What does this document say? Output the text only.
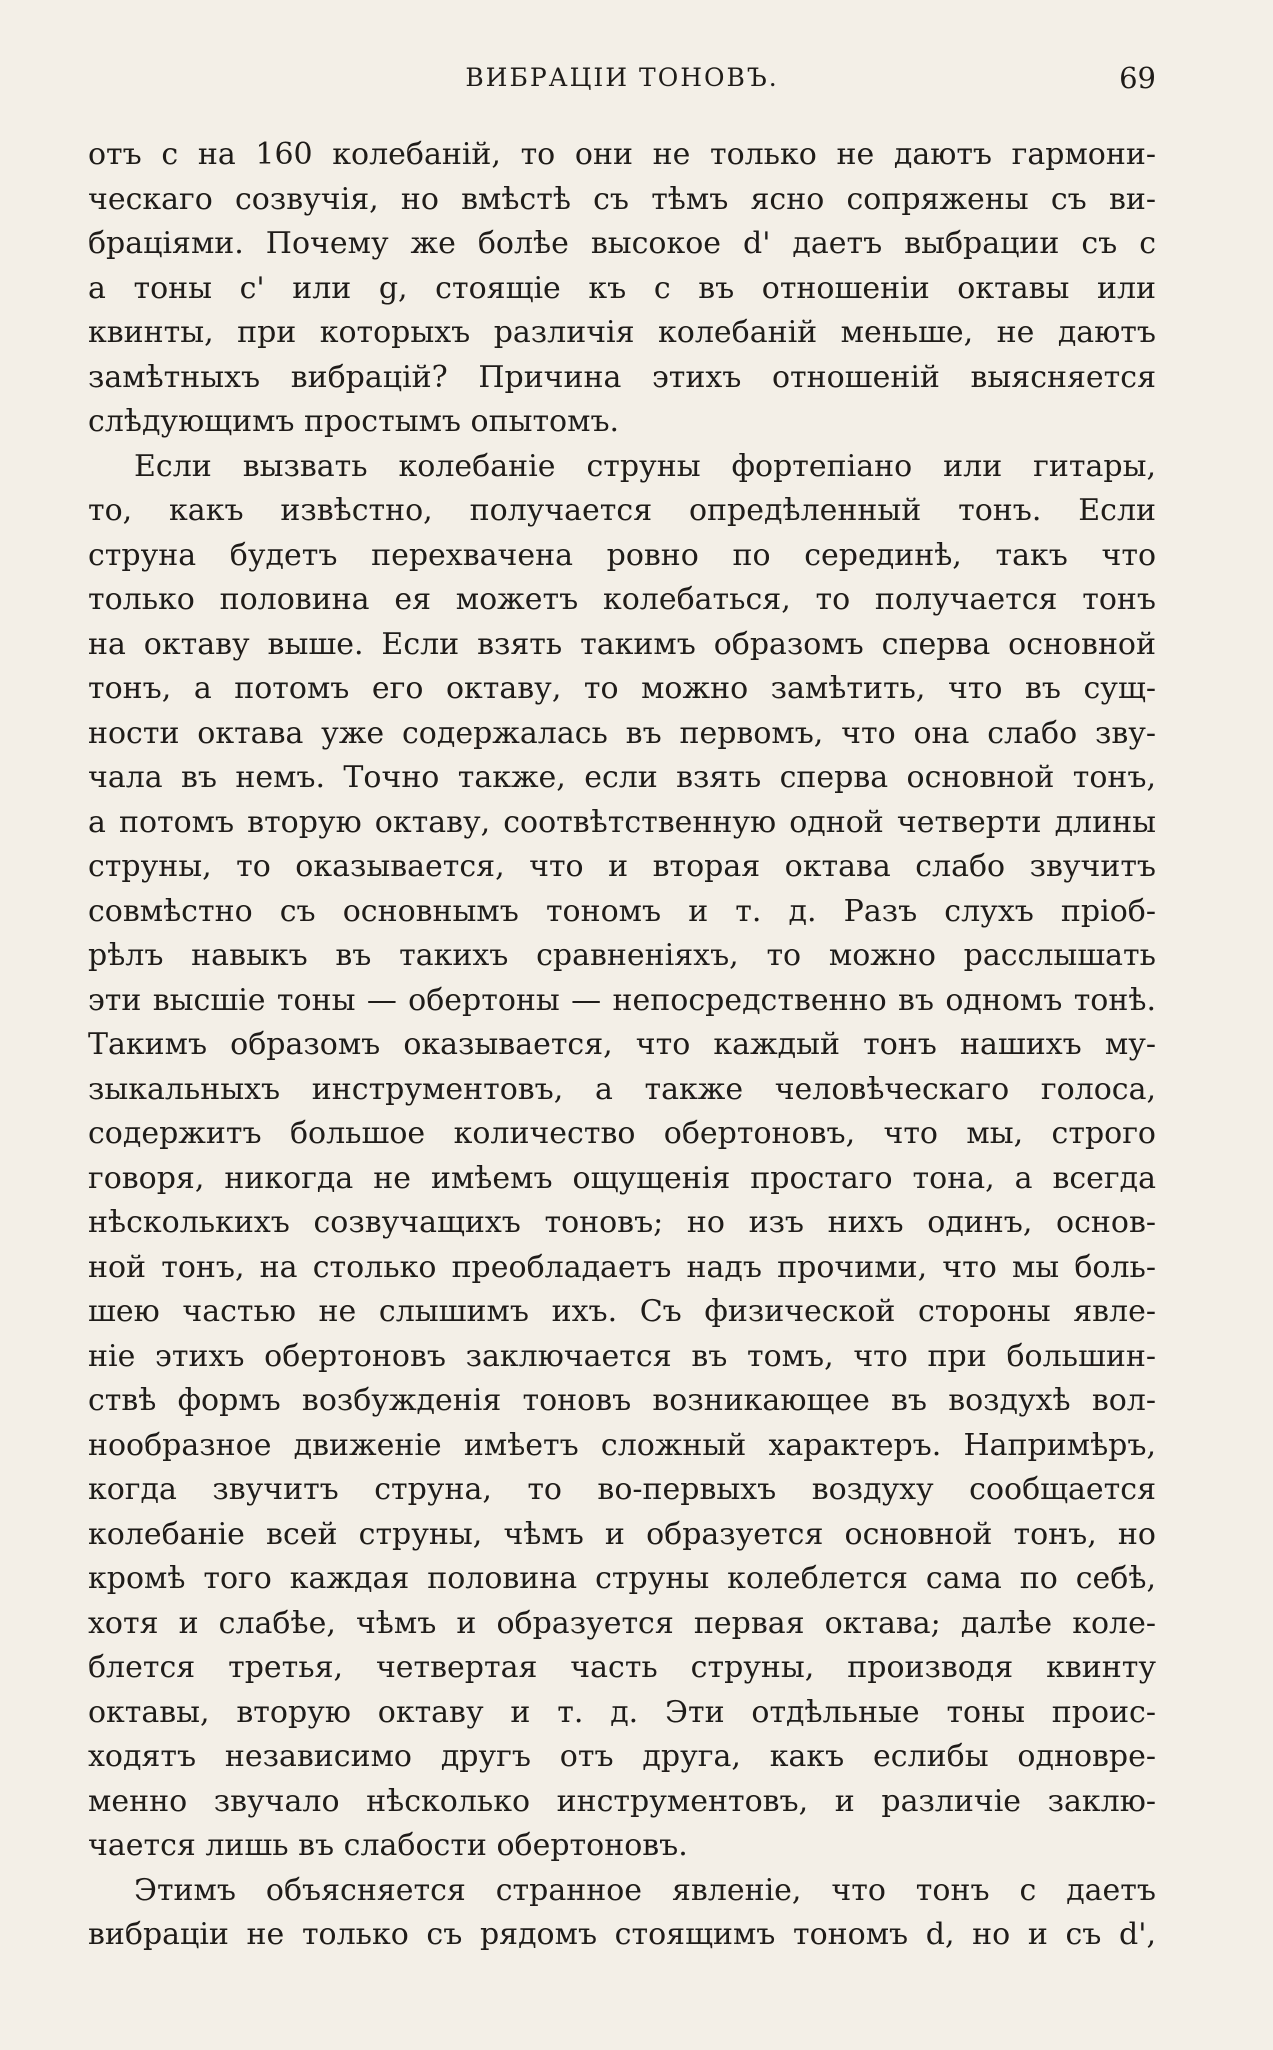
ВИБРАЦІИ ТОНОВЪ.	69
отъ c на 160 колебаній, то они не только не даютъ гармони-
ческаго созвучія, но вмѣстѣ съ тѣмъ ясно сопряжены съ ви-
брацiями. Почему же болѣе высокое d' даетъ выбрации съ c
а тоны c' или g, стоящіе къ c въ отношеніи октавы или
квинты, при которыхъ различія колебаній меньше, не даютъ
замѣтныхъ вибрацій? Причина этихъ отношеній выясняется
слѣдующимъ простымъ опытомъ.
Если вызвать колебаніе струны фортепіано или гитары,
то, какъ извѣстно, получается опредѣленный тонъ. Если
струна будетъ перехвачена ровно по серединѣ, такъ что
только половина ея можетъ колебаться, то получается тонъ
на октаву выше. Если взять такимъ образомъ сперва основной
тонъ, а потомъ его октаву, то можно замѣтить, что въ сущ-
ности октава уже содержалась въ первомъ, что она слабо зву-
чала въ немъ. Точно также, если взять сперва основной тонъ,
а потомъ вторую октаву, соотвѣтственную одной четверти длины
струны, то оказывается, что и вторая октава слабо звучитъ
совмѣстно съ основнымъ тономъ и т. д. Разъ слухъ пріоб-
рѣлъ навыкъ въ такихъ сравненіяхъ, то можно расслышать
эти высшіе тоны — обертоны — непосредственно въ одномъ тонѣ.
Такимъ образомъ оказывается, что каждый тонъ нашихъ му-
зыкальныхъ инструментовъ, а также человѣческаго голоса,
содержитъ большое количество обертоновъ, что мы, строго
говоря, никогда не имѣемъ ощущенія простаго тона, а всегда
нѣсколькихъ созвучащихъ тоновъ; но изъ нихъ одинъ, основ-
ной тонъ, на столько преобладаетъ надъ прочими, что мы боль-
шею частью не слышимъ ихъ. Съ физической стороны явле-
ніе этихъ обертоновъ заключается въ томъ, что при большин-
ствѣ формъ возбужденія тоновъ возникающее въ воздухѣ вол-
нообразное движеніе имѣетъ сложный характеръ. Напримѣръ,
когда звучитъ струна, то во-первыхъ воздуху сообщается
колебаніе всей струны, чѣмъ и образуется основной тонъ, но
кромѣ того каждая половина струны колеблется сама по себѣ,
хотя и слабѣе, чѣмъ и образуется первая октава; далѣе коле-
блется третья, четвертая часть струны, производя квинту
октавы, вторую октаву и т. д. Эти отдѣльные тоны проис-
ходятъ независимо другъ отъ друга, какъ еслибы одновре-
менно звучало нѣсколько инструментовъ, и различіе заклю-
чается лишь въ слабости обертоновъ.
Этимъ объясняется странное явленіе, что тонъ c даетъ
вибраціи не только съ рядомъ стоящимъ тономъ d, но и съ d',
